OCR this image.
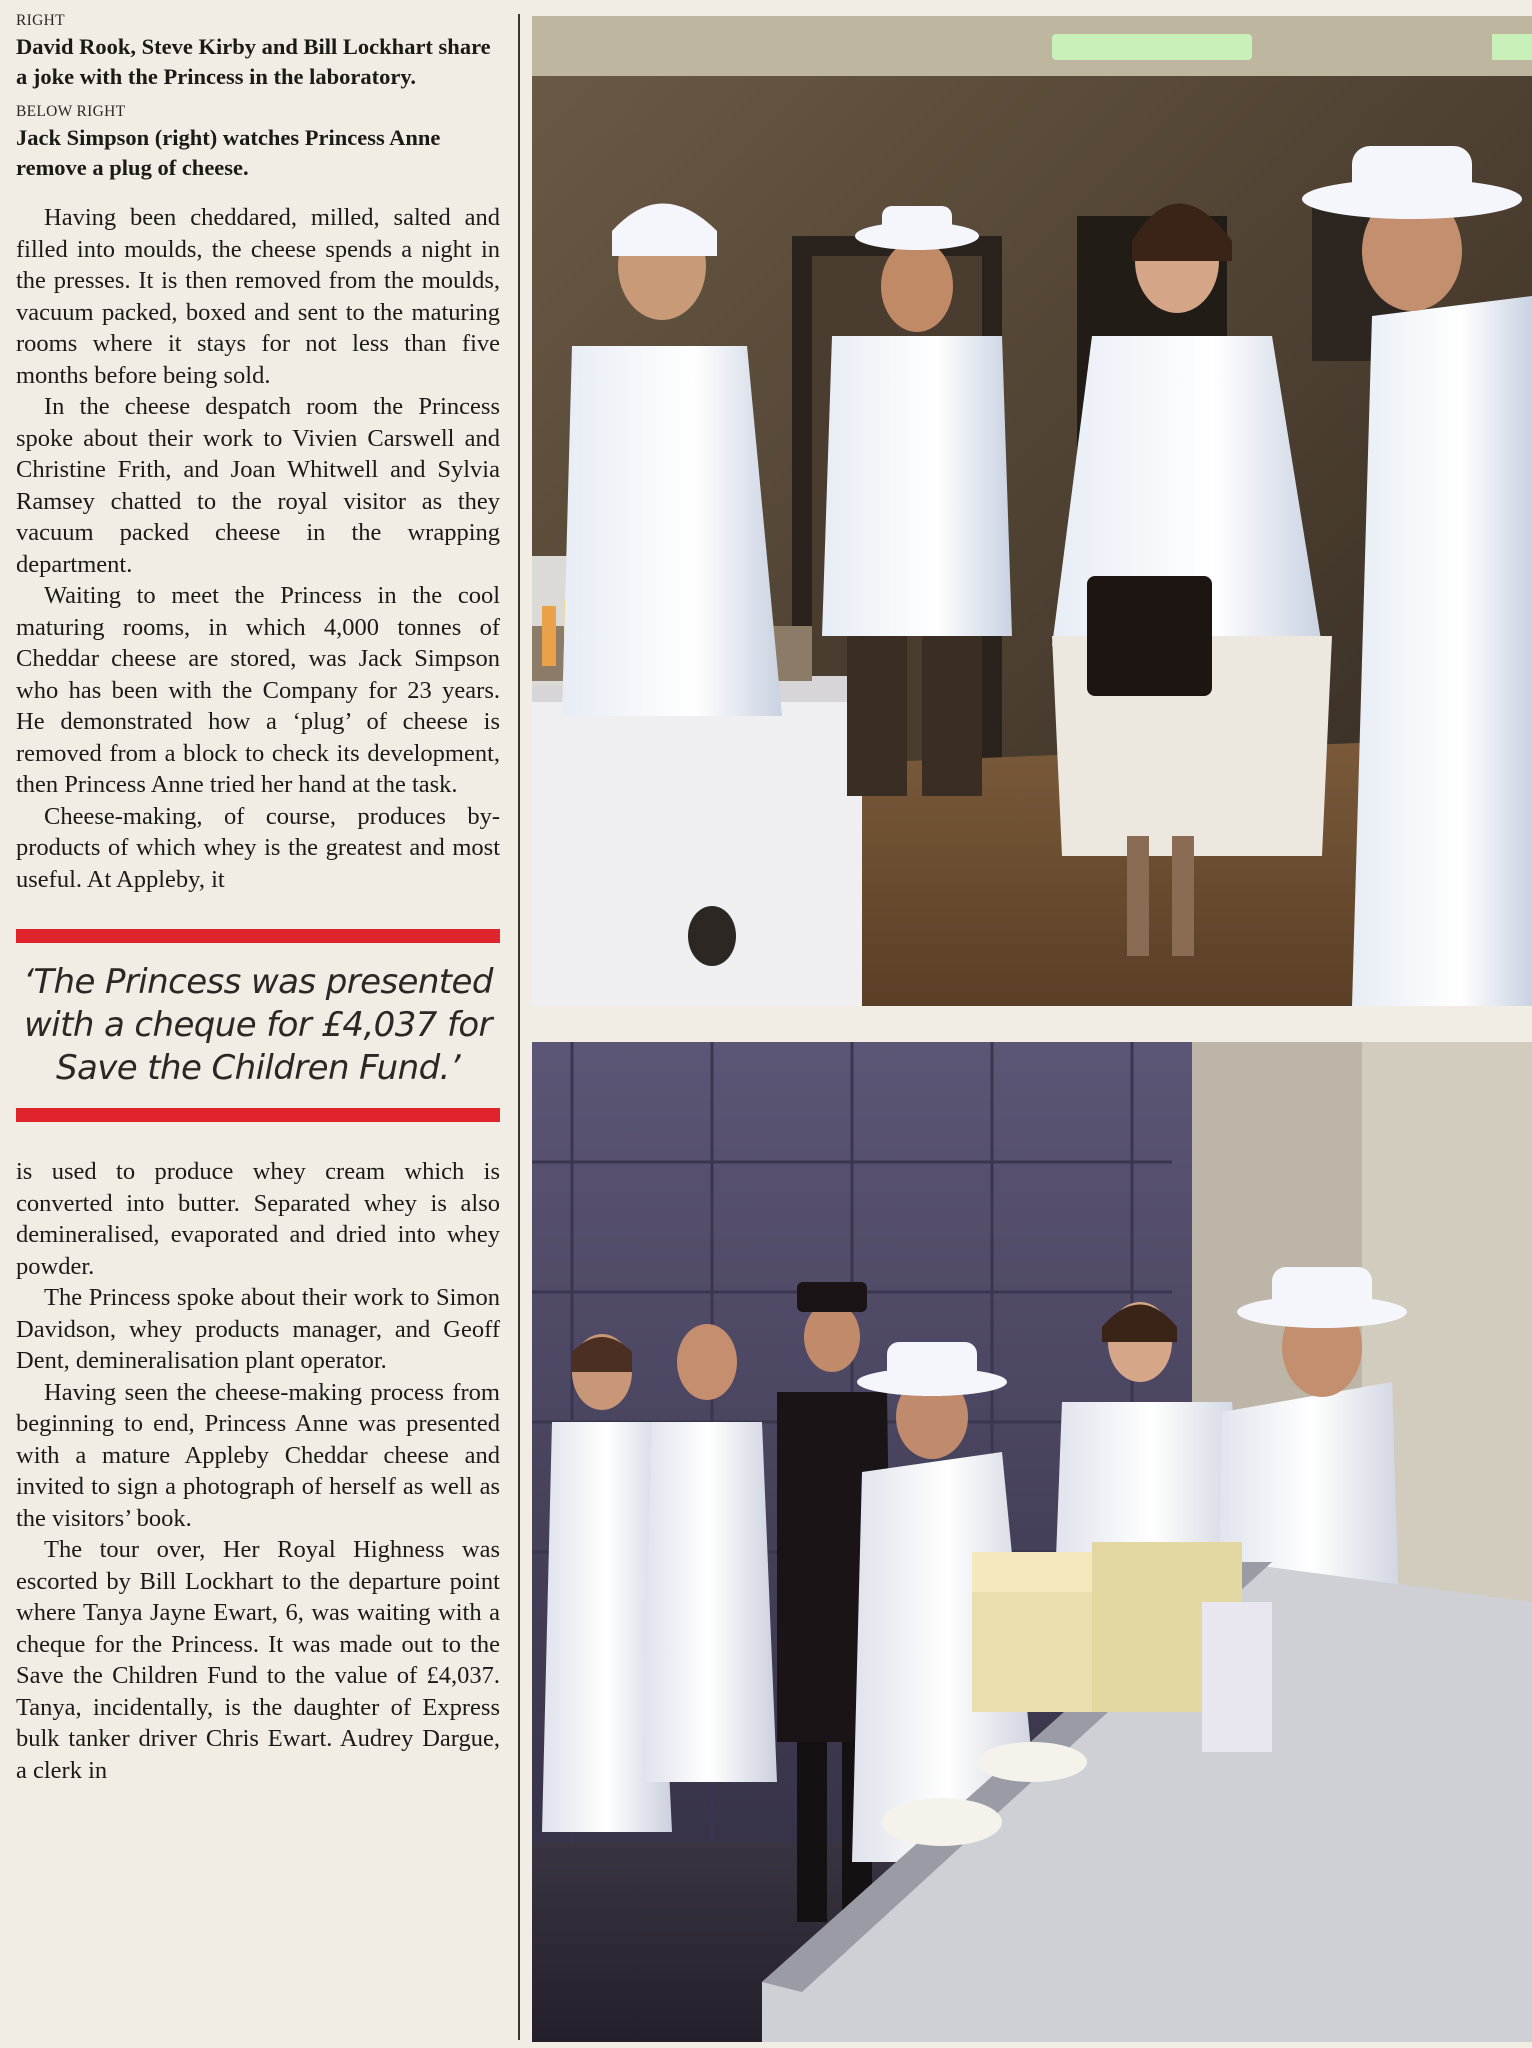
RIGHT
David Rook, Steve Kirby and Bill Lockhart share a joke with the Princess in the laboratory.
BELOW RIGHT
Jack Simpson (right) watches Princess Anne remove a plug of cheese.

Having been cheddared, milled, salted and filled into moulds, the cheese spends a night in the presses. It is then removed from the moulds, vacuum packed, boxed and sent to the maturing rooms where it stays for not less than five months before being sold.

In the cheese despatch room the Princess spoke about their work to Vivien Carswell and Christine Frith, and Joan Whitwell and Sylvia Ramsey chatted to the royal visitor as they vacuum packed cheese in the wrapping department.

Waiting to meet the Princess in the cool maturing rooms, in which 4,000 tonnes of Cheddar cheese are stored, was Jack Simpson who has been with the Company for 23 years. He demonstrated how a ‘plug’ of cheese is removed from a block to check its development, then Princess Anne tried her hand at the task.

Cheese-making, of course, produces by-products of which whey is the greatest and most useful. At Appleby, it

‘The Princess was presented with a cheque for £4,037 for Save the Children Fund.’

is used to produce whey cream which is converted into butter. Separated whey is also demineralised, evaporated and dried into whey powder.

The Princess spoke about their work to Simon Davidson, whey products manager, and Geoff Dent, demineralisation plant operator.

Having seen the cheese-making process from beginning to end, Princess Anne was presented with a mature Appleby Cheddar cheese and invited to sign a photograph of herself as well as the visitors’ book.

The tour over, Her Royal Highness was escorted by Bill Lockhart to the departure point where Tanya Jayne Ewart, 6, was waiting with a cheque for the Princess. It was made out to the Save the Children Fund to the value of £4,037. Tanya, incidentally, is the daughter of Express bulk tanker driver Chris Ewart. Audrey Dargue, a clerk in
